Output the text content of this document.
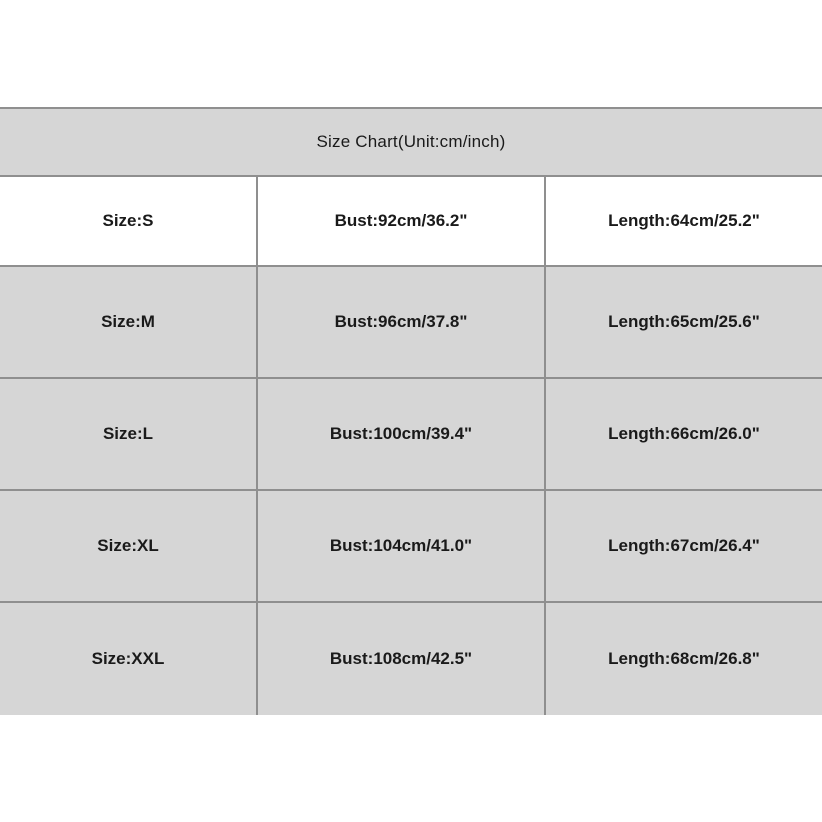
Size Chart(Unit:cm/inch)
Size:S	Bust:92cm/36.2"	Length:64cm/25.2"
Size:M	Bust:96cm/37.8"	Length:65cm/25.6"
Size:L	Bust:100cm/39.4"	Length:66cm/26.0"
Size:XL	Bust:104cm/41.0"	Length:67cm/26.4"
Size:XXL	Bust:108cm/42.5"	Length:68cm/26.8"
